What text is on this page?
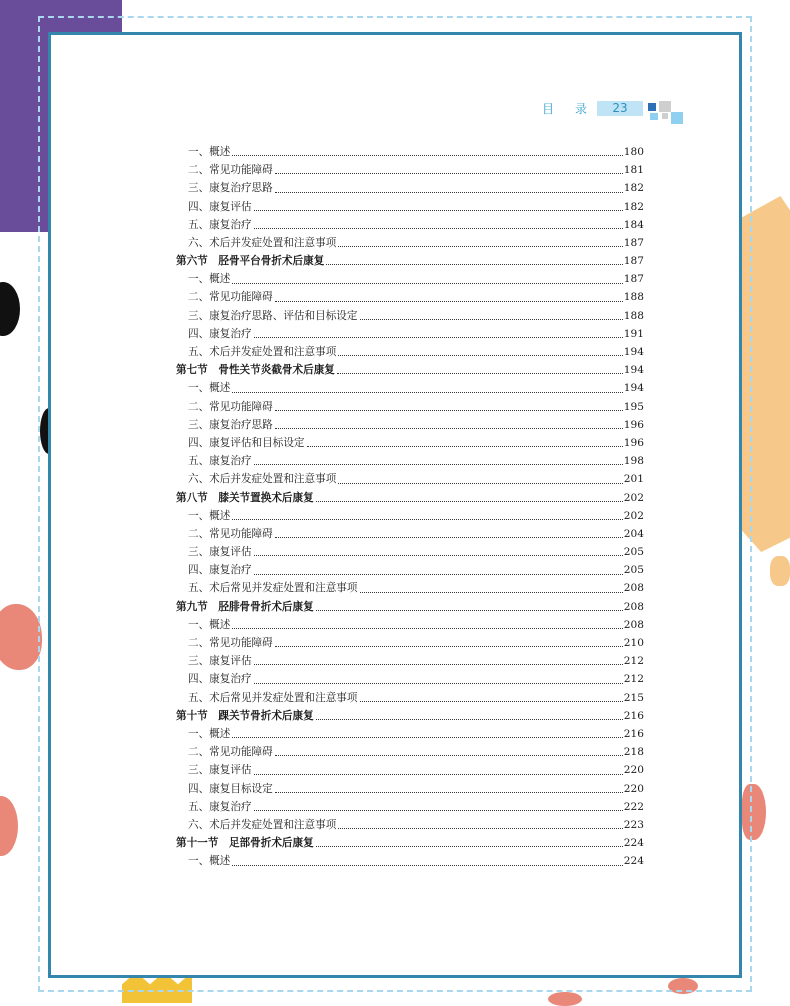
目 录	23
一、概述	180
二、常见功能障碍	181
三、康复治疗思路	182
四、康复评估	182
五、康复治疗	184
六、术后并发症处置和注意事项	187
第六节　胫骨平台骨折术后康复	187
一、概述	187
二、常见功能障碍	188
三、康复治疗思路、评估和目标设定	188
四、康复治疗	191
五、术后并发症处置和注意事项	194
第七节　骨性关节炎截骨术后康复	194
一、概述	194
二、常见功能障碍	195
三、康复治疗思路	196
四、康复评估和目标设定	196
五、康复治疗	198
六、术后并发症处置和注意事项	201
第八节　膝关节置换术后康复	202
一、概述	202
二、常见功能障碍	204
三、康复评估	205
四、康复治疗	205
五、术后常见并发症处置和注意事项	208
第九节　胫腓骨骨折术后康复	208
一、概述	208
二、常见功能障碍	210
三、康复评估	212
四、康复治疗	212
五、术后常见并发症处置和注意事项	215
第十节　踝关节骨折术后康复	216
一、概述	216
二、常见功能障碍	218
三、康复评估	220
四、康复目标设定	220
五、康复治疗	222
六、术后并发症处置和注意事项	223
第十一节　足部骨折术后康复	224
一、概述	224
